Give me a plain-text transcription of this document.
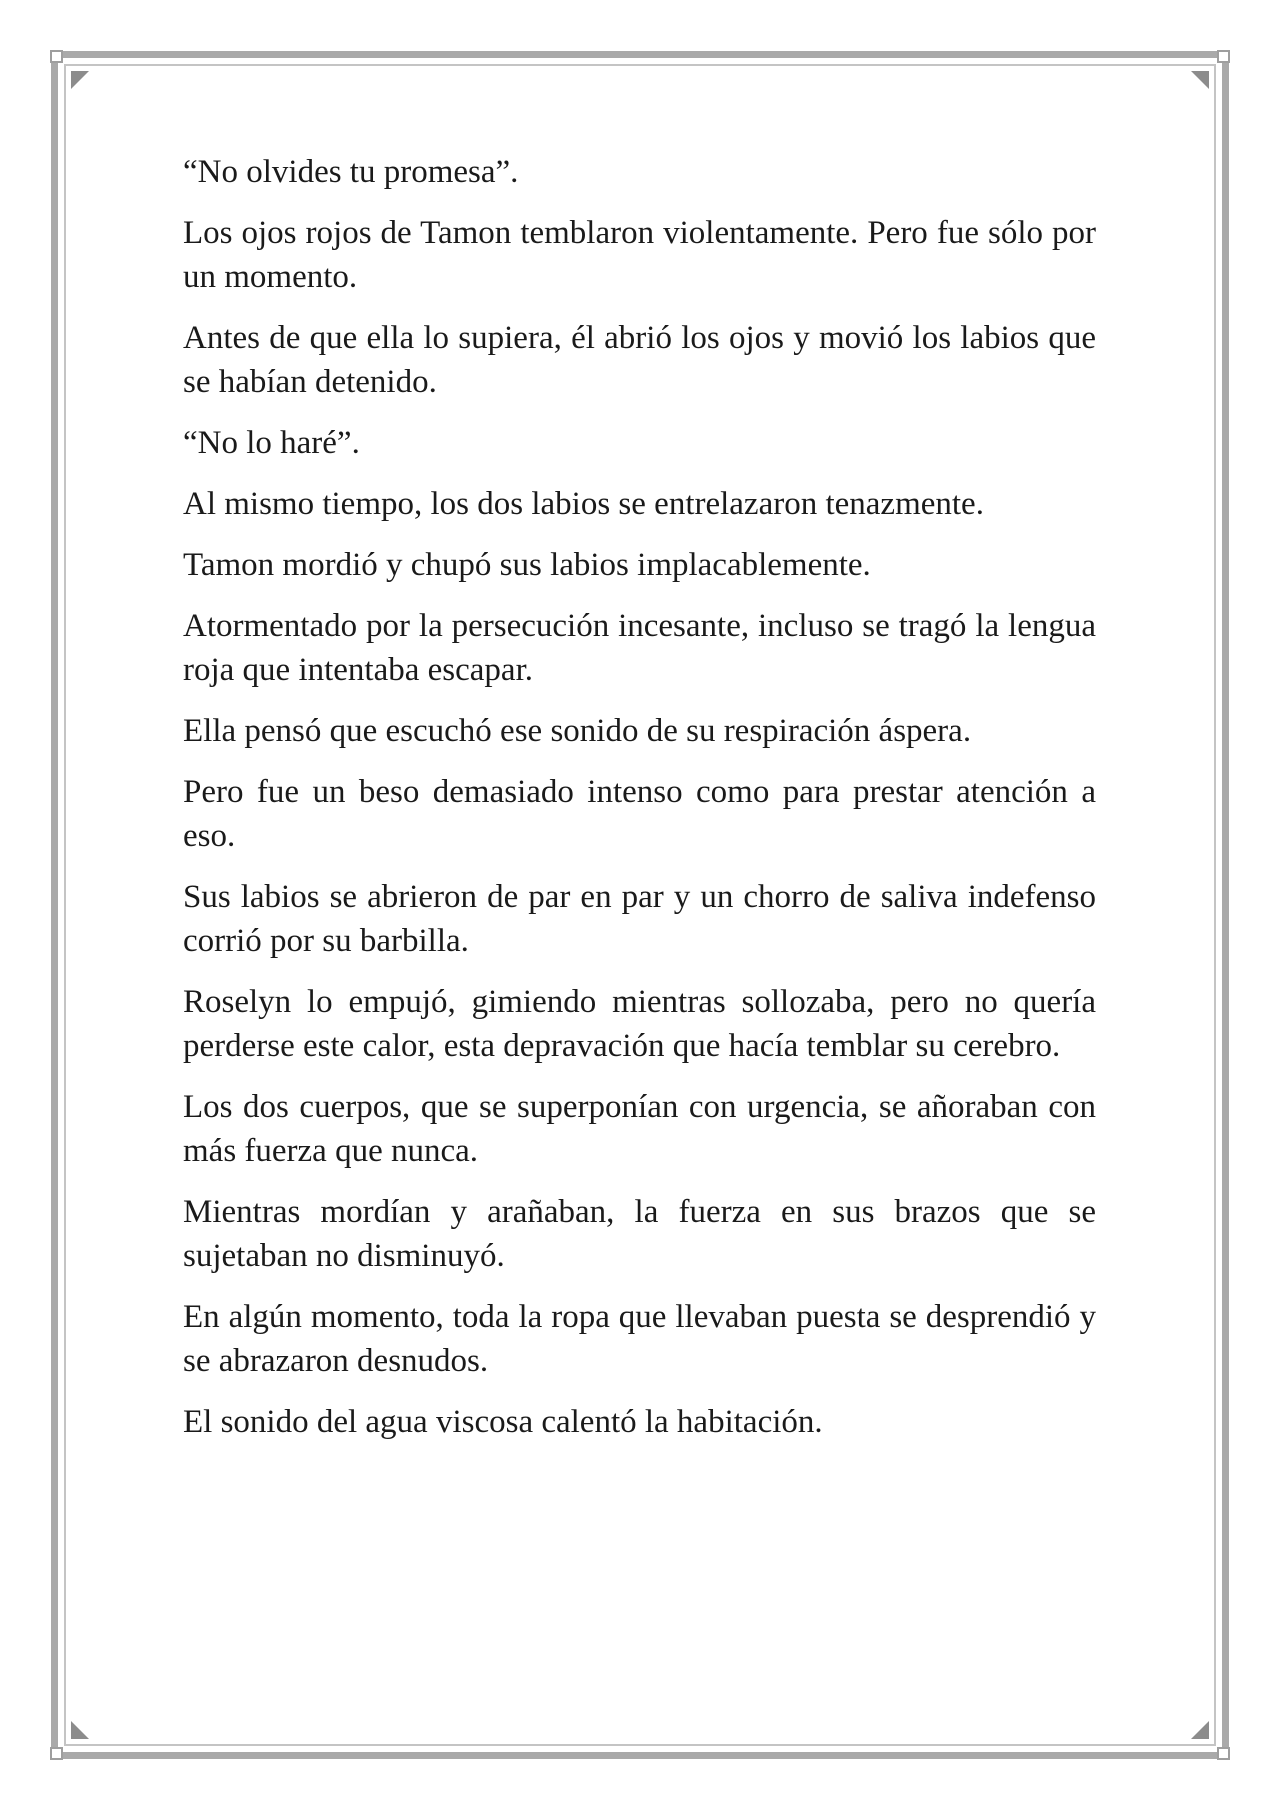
“No olvides tu promesa”.

Los ojos rojos de Tamon temblaron violentamente. Pero fue sólo por un momento.

Antes de que ella lo supiera, él abrió los ojos y movió los labios que se habían detenido.

“No lo haré”.

Al mismo tiempo, los dos labios se entrelazaron tenazmente.

Tamon mordió y chupó sus labios implacablemente.

Atormentado por la persecución incesante, incluso se tragó la lengua roja que intentaba escapar.

Ella pensó que escuchó ese sonido de su respiración áspera.

Pero fue un beso demasiado intenso como para prestar atención a eso.

Sus labios se abrieron de par en par y un chorro de saliva indefenso corrió por su barbilla.

Roselyn lo empujó, gimiendo mientras sollozaba, pero no quería perderse este calor, esta depravación que hacía temblar su cerebro.

Los dos cuerpos, que se superponían con urgencia, se añoraban con más fuerza que nunca.

Mientras mordían y arañaban, la fuerza en sus brazos que se sujetaban no disminuyó.

En algún momento, toda la ropa que llevaban puesta se desprendió y se abrazaron desnudos.

El sonido del agua viscosa calentó la habitación.
